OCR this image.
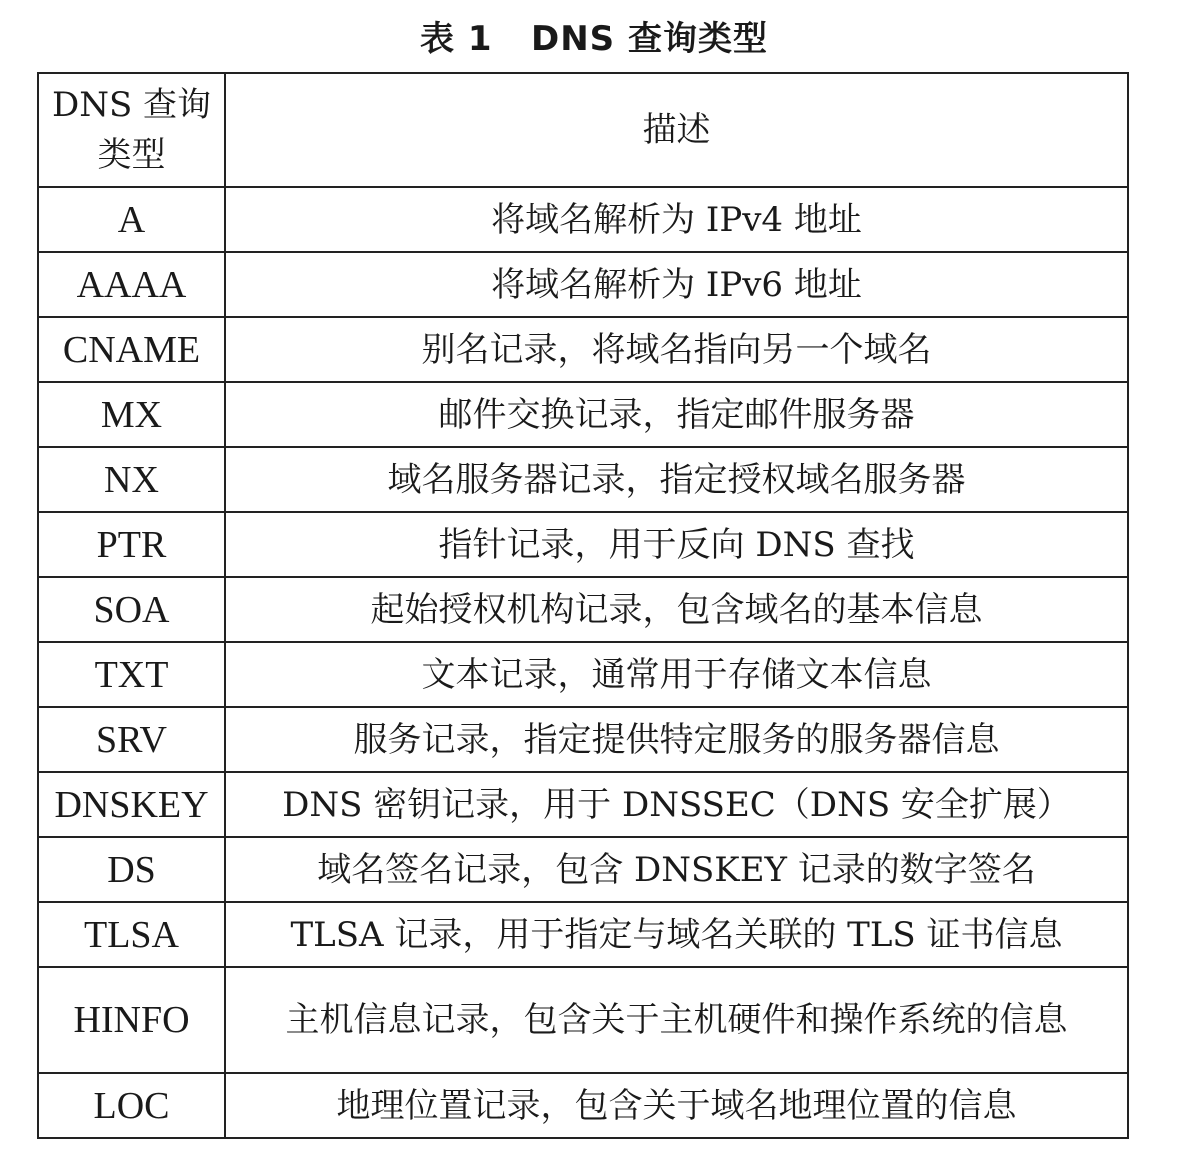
表 1   DNS 查询类型
DNS 查询类型	描述
A	将域名解析为 IPv4 地址
AAAA	将域名解析为 IPv6 地址
CNAME	别名记录，将域名指向另一个域名
MX	邮件交换记录，指定邮件服务器
NX	域名服务器记录，指定授权域名服务器
PTR	指针记录，用于反向 DNS 查找
SOA	起始授权机构记录，包含域名的基本信息
TXT	文本记录，通常用于存储文本信息
SRV	服务记录，指定提供特定服务的服务器信息
DNSKEY	DNS 密钥记录，用于 DNSSEC（DNS 安全扩展）
DS	域名签名记录，包含 DNSKEY 记录的数字签名
TLSA	TLSA 记录，用于指定与域名关联的 TLS 证书信息
HINFO	主机信息记录，包含关于主机硬件和操作系统的信息
LOC	地理位置记录，包含关于域名地理位置的信息
